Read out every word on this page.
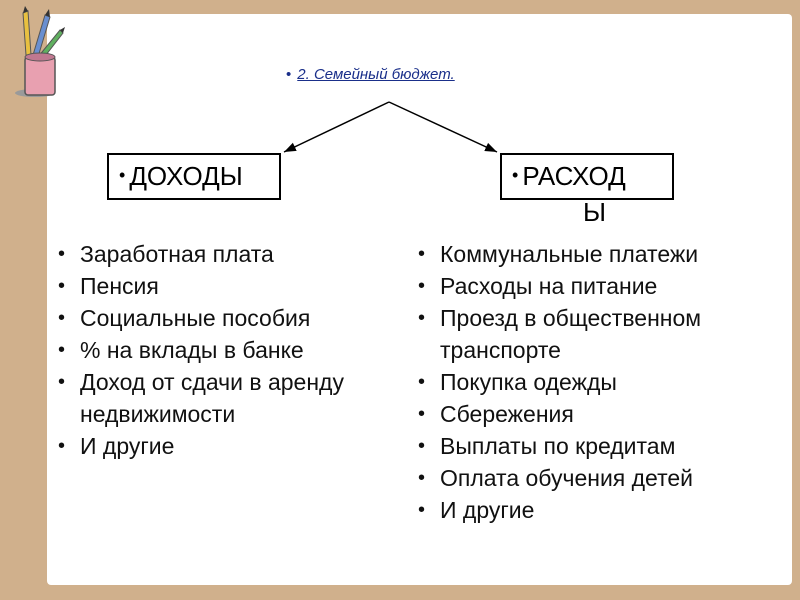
• 2. Семейный бюджет.
• ДОХОДЫ	• РАСХОД
Ы
• Заработная плата
• Пенсия
• Социальные пособия
• % на вклады в банке
• Доход от сдачи в аренду недвижимости
• И другие
• Коммунальные платежи
• Расходы на питание
• Проезд в общественном транспорте
• Покупка одежды
• Сбережения
• Выплаты по кредитам
• Оплата обучения детей
• И другие
